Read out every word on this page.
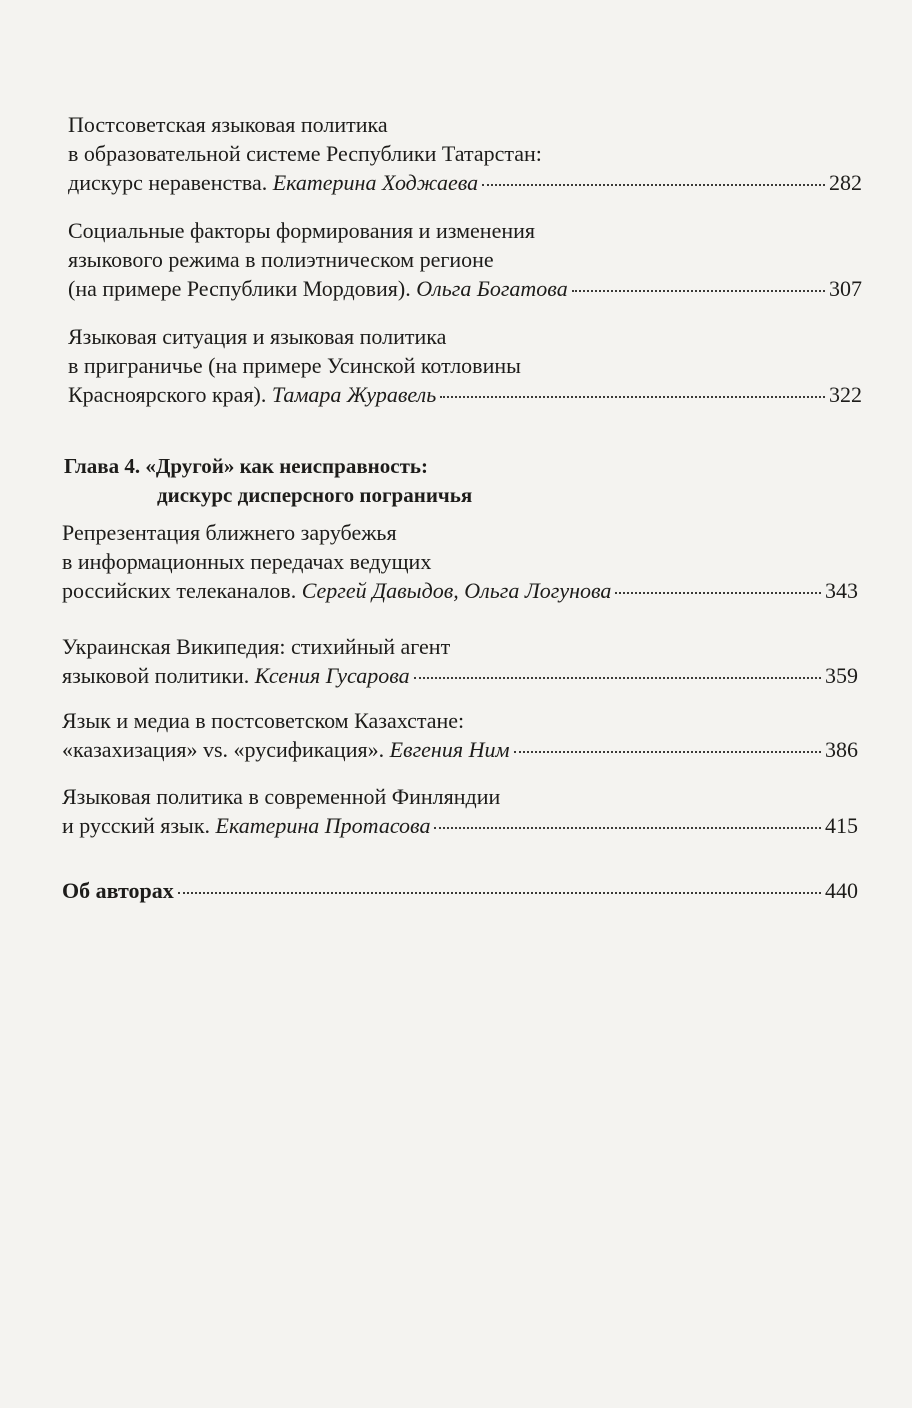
Постсоветская языковая политика
в образовательной системе Республики Татарстан:
дискурс неравенства. Екатерина Ходжаева	282
Социальные факторы формирования и изменения
языкового режима в полиэтническом регионе
(на примере Республики Мордовия). Ольга Богатова	307
Языковая ситуация и языковая политика
в приграничье (на примере Усинской котловины
Красноярского края). Тамара Журавель	322
Глава 4. «Другой» как неисправность:
дискурс дисперсного пограничья
Репрезентация ближнего зарубежья
в информационных передачах ведущих
российских телеканалов. Сергей Давыдов, Ольга Логунова	343
Украинская Википедия: стихийный агент
языковой политики. Ксения Гусарова	359
Язык и медиа в постсоветском Казахстане:
«казахизация» vs. «русификация». Евгения Ним	386
Языковая политика в современной Финляндии
и русский язык. Екатерина Протасова	415
Об авторах	440
